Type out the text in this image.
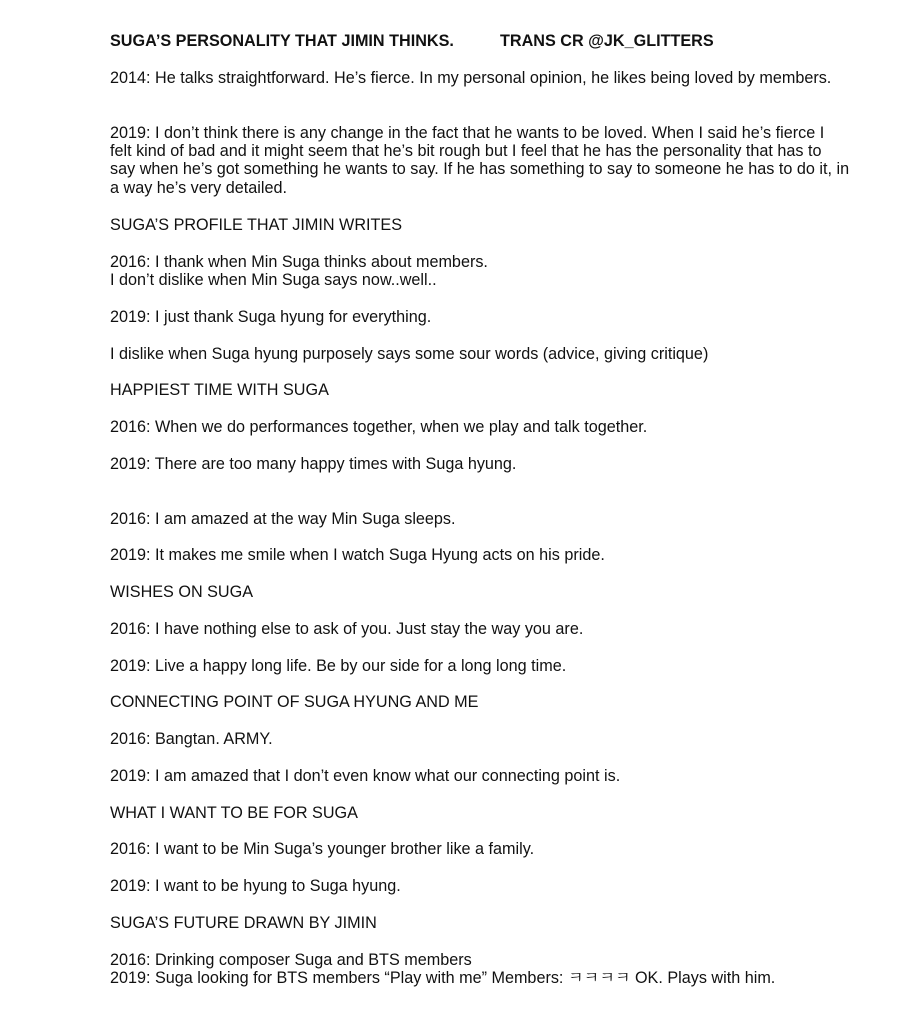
SUGA’S PERSONALITY THAT JIMIN THINKS.	TRANS CR @JK_GLITTERS

2014: He talks straightforward. He’s fierce. In my personal opinion, he likes being loved by members.

2019: I don’t think there is any change in the fact that he wants to be loved. When I said he’s fierce I felt kind of bad and it might seem that he’s bit rough but I feel that he has the personality that has to say when he’s got something he wants to say. If he has something to say to someone he has to do it, in a way he’s very detailed.

SUGA’S PROFILE THAT JIMIN WRITES

2016: I thank when Min Suga thinks about members.

I don’t dislike when Min Suga says now..well..

2019: I just thank Suga hyung for everything.

I dislike when Suga hyung purposely says some sour words (advice, giving critique)

HAPPIEST TIME WITH SUGA

2016: When we do performances together, when we play and talk together.

2019: There are too many happy times with Suga hyung.

2016: I am amazed at the way Min Suga sleeps.

2019: It makes me smile when I watch Suga Hyung acts on his pride.

WISHES ON SUGA

2016: I have nothing else to ask of you. Just stay the way you are.

2019: Live a happy long life. Be by our side for a long long time.

CONNECTING POINT OF SUGA HYUNG AND ME

2016: Bangtan. ARMY.

2019: I am amazed that I don’t even know what our connecting point is.

WHAT I WANT TO BE FOR SUGA

2016: I want to be Min Suga’s younger brother like a family.

2019: I want to be hyung to Suga hyung.

SUGA’S FUTURE DRAWN BY JIMIN

2016: Drinking composer Suga and BTS members

2019: Suga looking for BTS members “Play with me” Members: ㅋㅋㅋㅋ OK. Plays with him.
